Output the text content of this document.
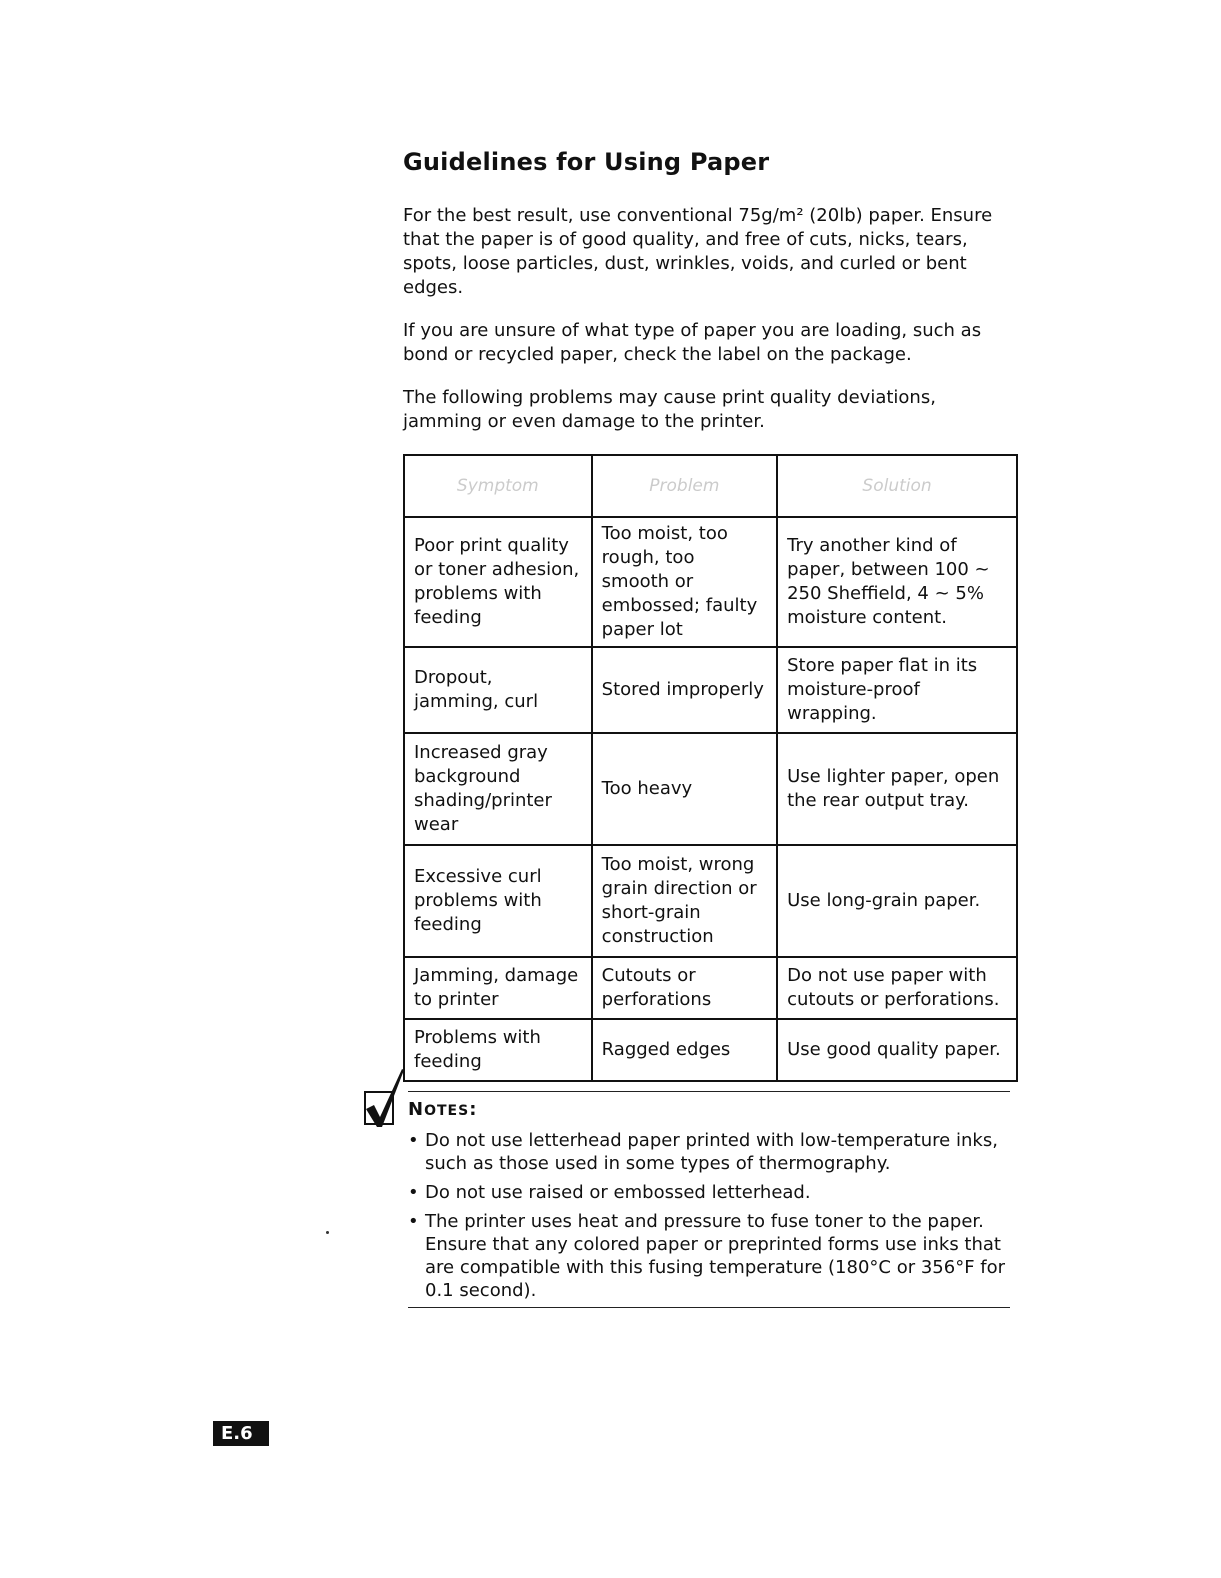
Guidelines for Using Paper

For the best result, use conventional 75g/m² (20lb) paper. Ensure that the paper is of good quality, and free of cuts, nicks, tears, spots, loose particles, dust, wrinkles, voids, and curled or bent edges.

If you are unsure of what type of paper you are loading, such as bond or recycled paper, check the label on the package.

The following problems may cause print quality deviations, jamming or even damage to the printer.

Symptom	Problem	Solution
Poor print quality or toner adhesion, problems with feeding	Too moist, too rough, too smooth or embossed; faulty paper lot	Try another kind of paper, between 100 ~ 250 Sheffield, 4 ~ 5% moisture content.
Dropout, jamming, curl	Stored improperly	Store paper flat in its moisture-proof wrapping.
Increased gray background shading/printer wear	Too heavy	Use lighter paper, open the rear output tray.
Excessive curl problems with feeding	Too moist, wrong grain direction or short-grain construction	Use long-grain paper.
Jamming, damage to printer	Cutouts or perforations	Do not use paper with cutouts or perforations.
Problems with feeding	Ragged edges	Use good quality paper.
NOTES:
• Do not use letterhead paper printed with low-temperature inks, such as those used in some types of thermography.
• Do not use raised or embossed letterhead.
• The printer uses heat and pressure to fuse toner to the paper. Ensure that any colored paper or preprinted forms use inks that are compatible with this fusing temperature (180°C or 356°F for 0.1 second).
E.6
